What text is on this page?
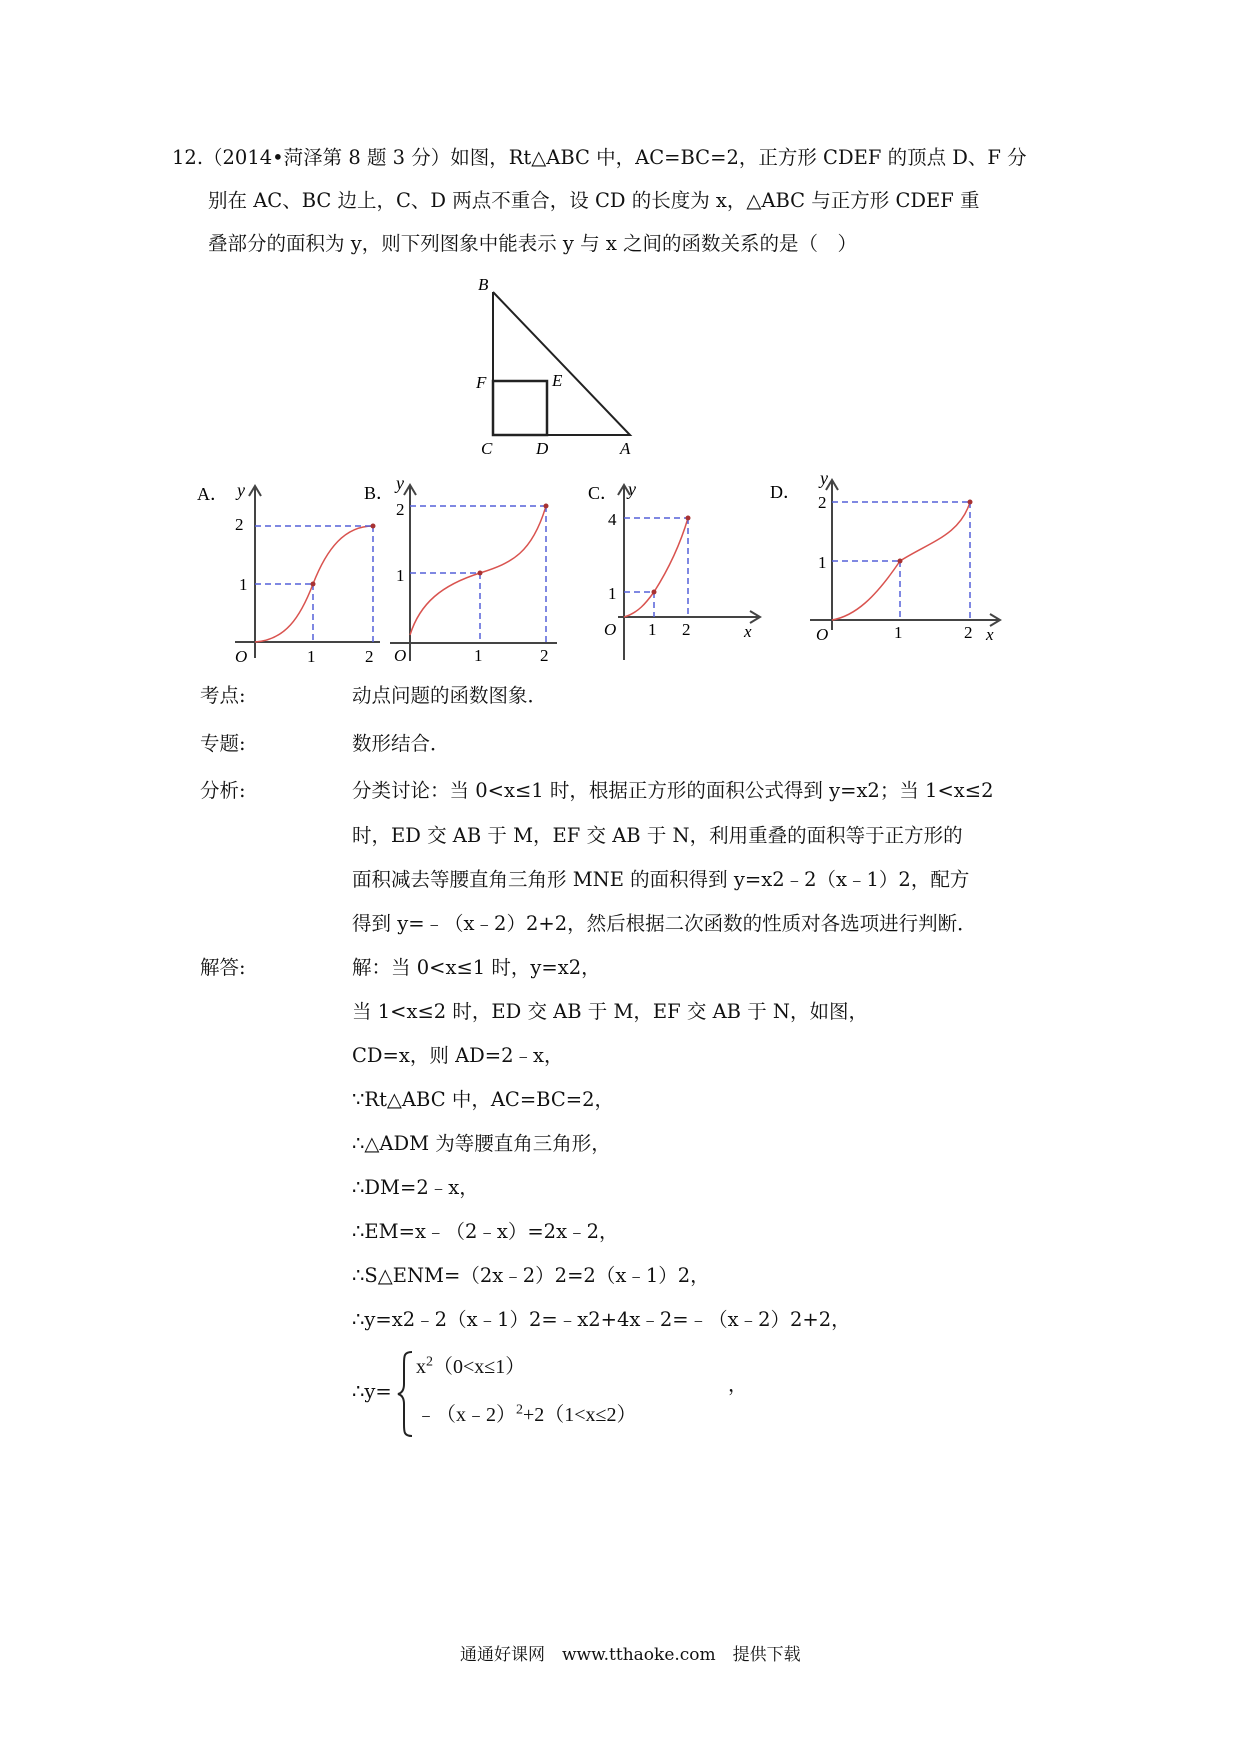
12.（2014•菏泽第 8 题 3 分）如图，Rt△ABC 中，AC=BC=2，正方形 CDEF 的顶点 D、F 分
别在 AC、BC 边上，C、D 两点不重合，设 CD 的长度为 x，△ABC 与正方形 CDEF 重
叠部分的面积为 y，则下列图象中能表示 y 与 x 之间的函数关系的是（　）
B
F	E
C	D	A
A． y
1
2
O	1	2
B． y
1
2
O	1	2
C． y
1
4
O 1 2	x
D．
y
1
2
O	1	2 x
考点:	动点问题的函数图象．
专题:	数形结合．
分析:	分类讨论：当 0<x≤1 时，根据正方形的面积公式得到 y=x2；当 1<x≤2
时，ED 交 AB 于 M，EF 交 AB 于 N，利用重叠的面积等于正方形的
面积减去等腰直角三角形 MNE 的面积得到 y=x2﹣2（x﹣1）2，配方
得到 y=﹣（x﹣2）2+2，然后根据二次函数的性质对各选项进行判断．
解答:	解：当 0<x≤1 时，y=x2，
当 1<x≤2 时，ED 交 AB 于 M，EF 交 AB 于 N，如图，
CD=x，则 AD=2﹣x，
∵Rt△ABC 中，AC=BC=2，
∴△ADM 为等腰直角三角形，
∴DM=2﹣x，
∴EM=x﹣（2﹣x）=2x﹣2，
∴S△ENM=（2x﹣2）2=2（x﹣1）2，
∴y=x2﹣2（x﹣1）2=﹣x2+4x﹣2=﹣（x﹣2）2+2，
∴y=
$x^2(0<x\le 1)$
﹣（x﹣2）$^2$+2（1<x≤2）
，
通通好课网　www.tthaoke.com　提供下载
